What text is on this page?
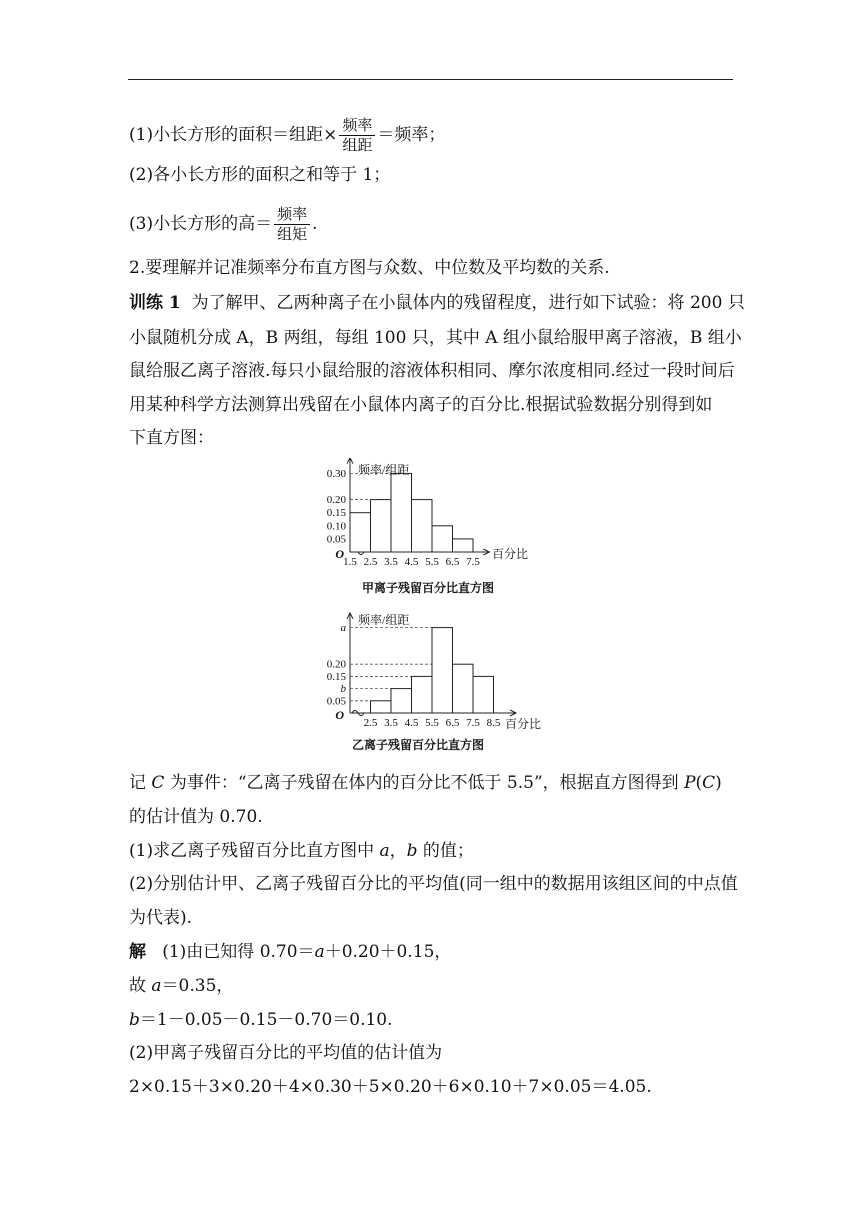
(1)小长方形的面积＝组距× $\frac{\text{频率}}{\text{组距}}$ ＝频率；
(2)各小长方形的面积之和等于 1；
(3)小长方形的高＝ $\frac{\text{频率}}{\text{组矩}}$ .
2.要理解并记准频率分布直方图与众数、中位数及平均数的关系.
训练 1 为了解甲、乙两种离子在小鼠体内的残留程度，进行如下试验：将 200 只
小鼠随机分成 A，B 两组，每组 100 只，其中 A 组小鼠给服甲离子溶液，B 组小
鼠给服乙离子溶液.每只小鼠给服的溶液体积相同、摩尔浓度相同.经过一段时间后
用某种科学方法测算出残留在小鼠体内离子的百分比.根据试验数据分别得到如
下直方图：
0.30
0.20
0.15
0.10
0.05
1.5 2.5 3.5 4.5 5.5 6.5 7.5
O
频率/组距
百分比
甲离子残留百分比直方图
a
0.20
0.15
b
0.05
2.5 3.5 4.5 5.5 6.5 7.5 8.5
O
频率/组距
百分比
乙离子残留百分比直方图
记 C 为事件：“乙离子残留在体内的百分比不低于 5.5”，根据直方图得到 P(C)
的估计值为 0.70.
(1)求乙离子残留百分比直方图中 a，b 的值；
(2)分别估计甲、乙离子残留百分比的平均值(同一组中的数据用该组区间的中点值
为代表).
解 (1)由已知得 0.70＝a＋0.20＋0.15，
故 a＝0.35，
b＝1－0.05－0.15－0.70＝0.10.
(2)甲离子残留百分比的平均值的估计值为
2×0.15＋3×0.20＋4×0.30＋5×0.20＋6×0.10＋7×0.05＝4.05.
